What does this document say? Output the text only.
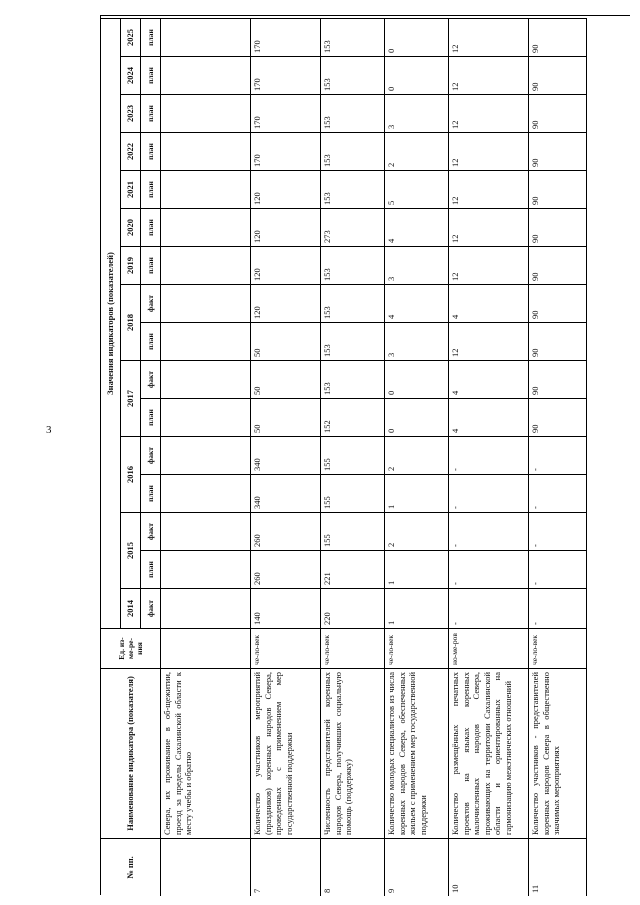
3
№ пп.
Наименование индикатора (показателя)
Ед. из-ме-ре-ния
Значения индикаторов (показателей)
2014
2015
2016
2017
2018
2019
2020
2021
2022
2023
2024
2025
факт
план
факт
план
факт
план
факт
план
факт
план
план
план
план
план
план
план
Севера, их проживание в об-щежитии, проезд за пределы Сахалинской области к месту учебы и обратно
7
Количество участников мероприятий (праздников) коренных народов Севера, проведенных с применением мер государственной поддержки
че-ло-век
140
260
260
340
340
50
50
50
120
120
120
120
170
170
170
170
8
Численность представителей коренных народов Севера, получивших социальную помощь (поддержку)
че-ло-век
220
221
155
155
155
152
153
153
153
153
273
153
153
153
153
153
9
Количество молодых специалистов из числа коренных народов Севера, обеспеченных жильем с применением мер государственной поддержки
че-ло-век
1
1
2
1
2
0
0
3
4
3
4
5
2
3
0
0
10
Количество размещённых печатных проектов на языках коренных малочисленных народов Севера, проживающих на территории Сахалинской области и ориентированных на гармонизацию межэтнических отношений
но-ме-ров
-
-
-
-
-
4
4
12
4
12
12
12
12
12
12
12
11
Количество участников - представителей коренных народов Севера в общественно значимых мероприятиях
че-ло-век
-
-
-
-
-
90
90
90
90
90
90
90
90
90
90
90
